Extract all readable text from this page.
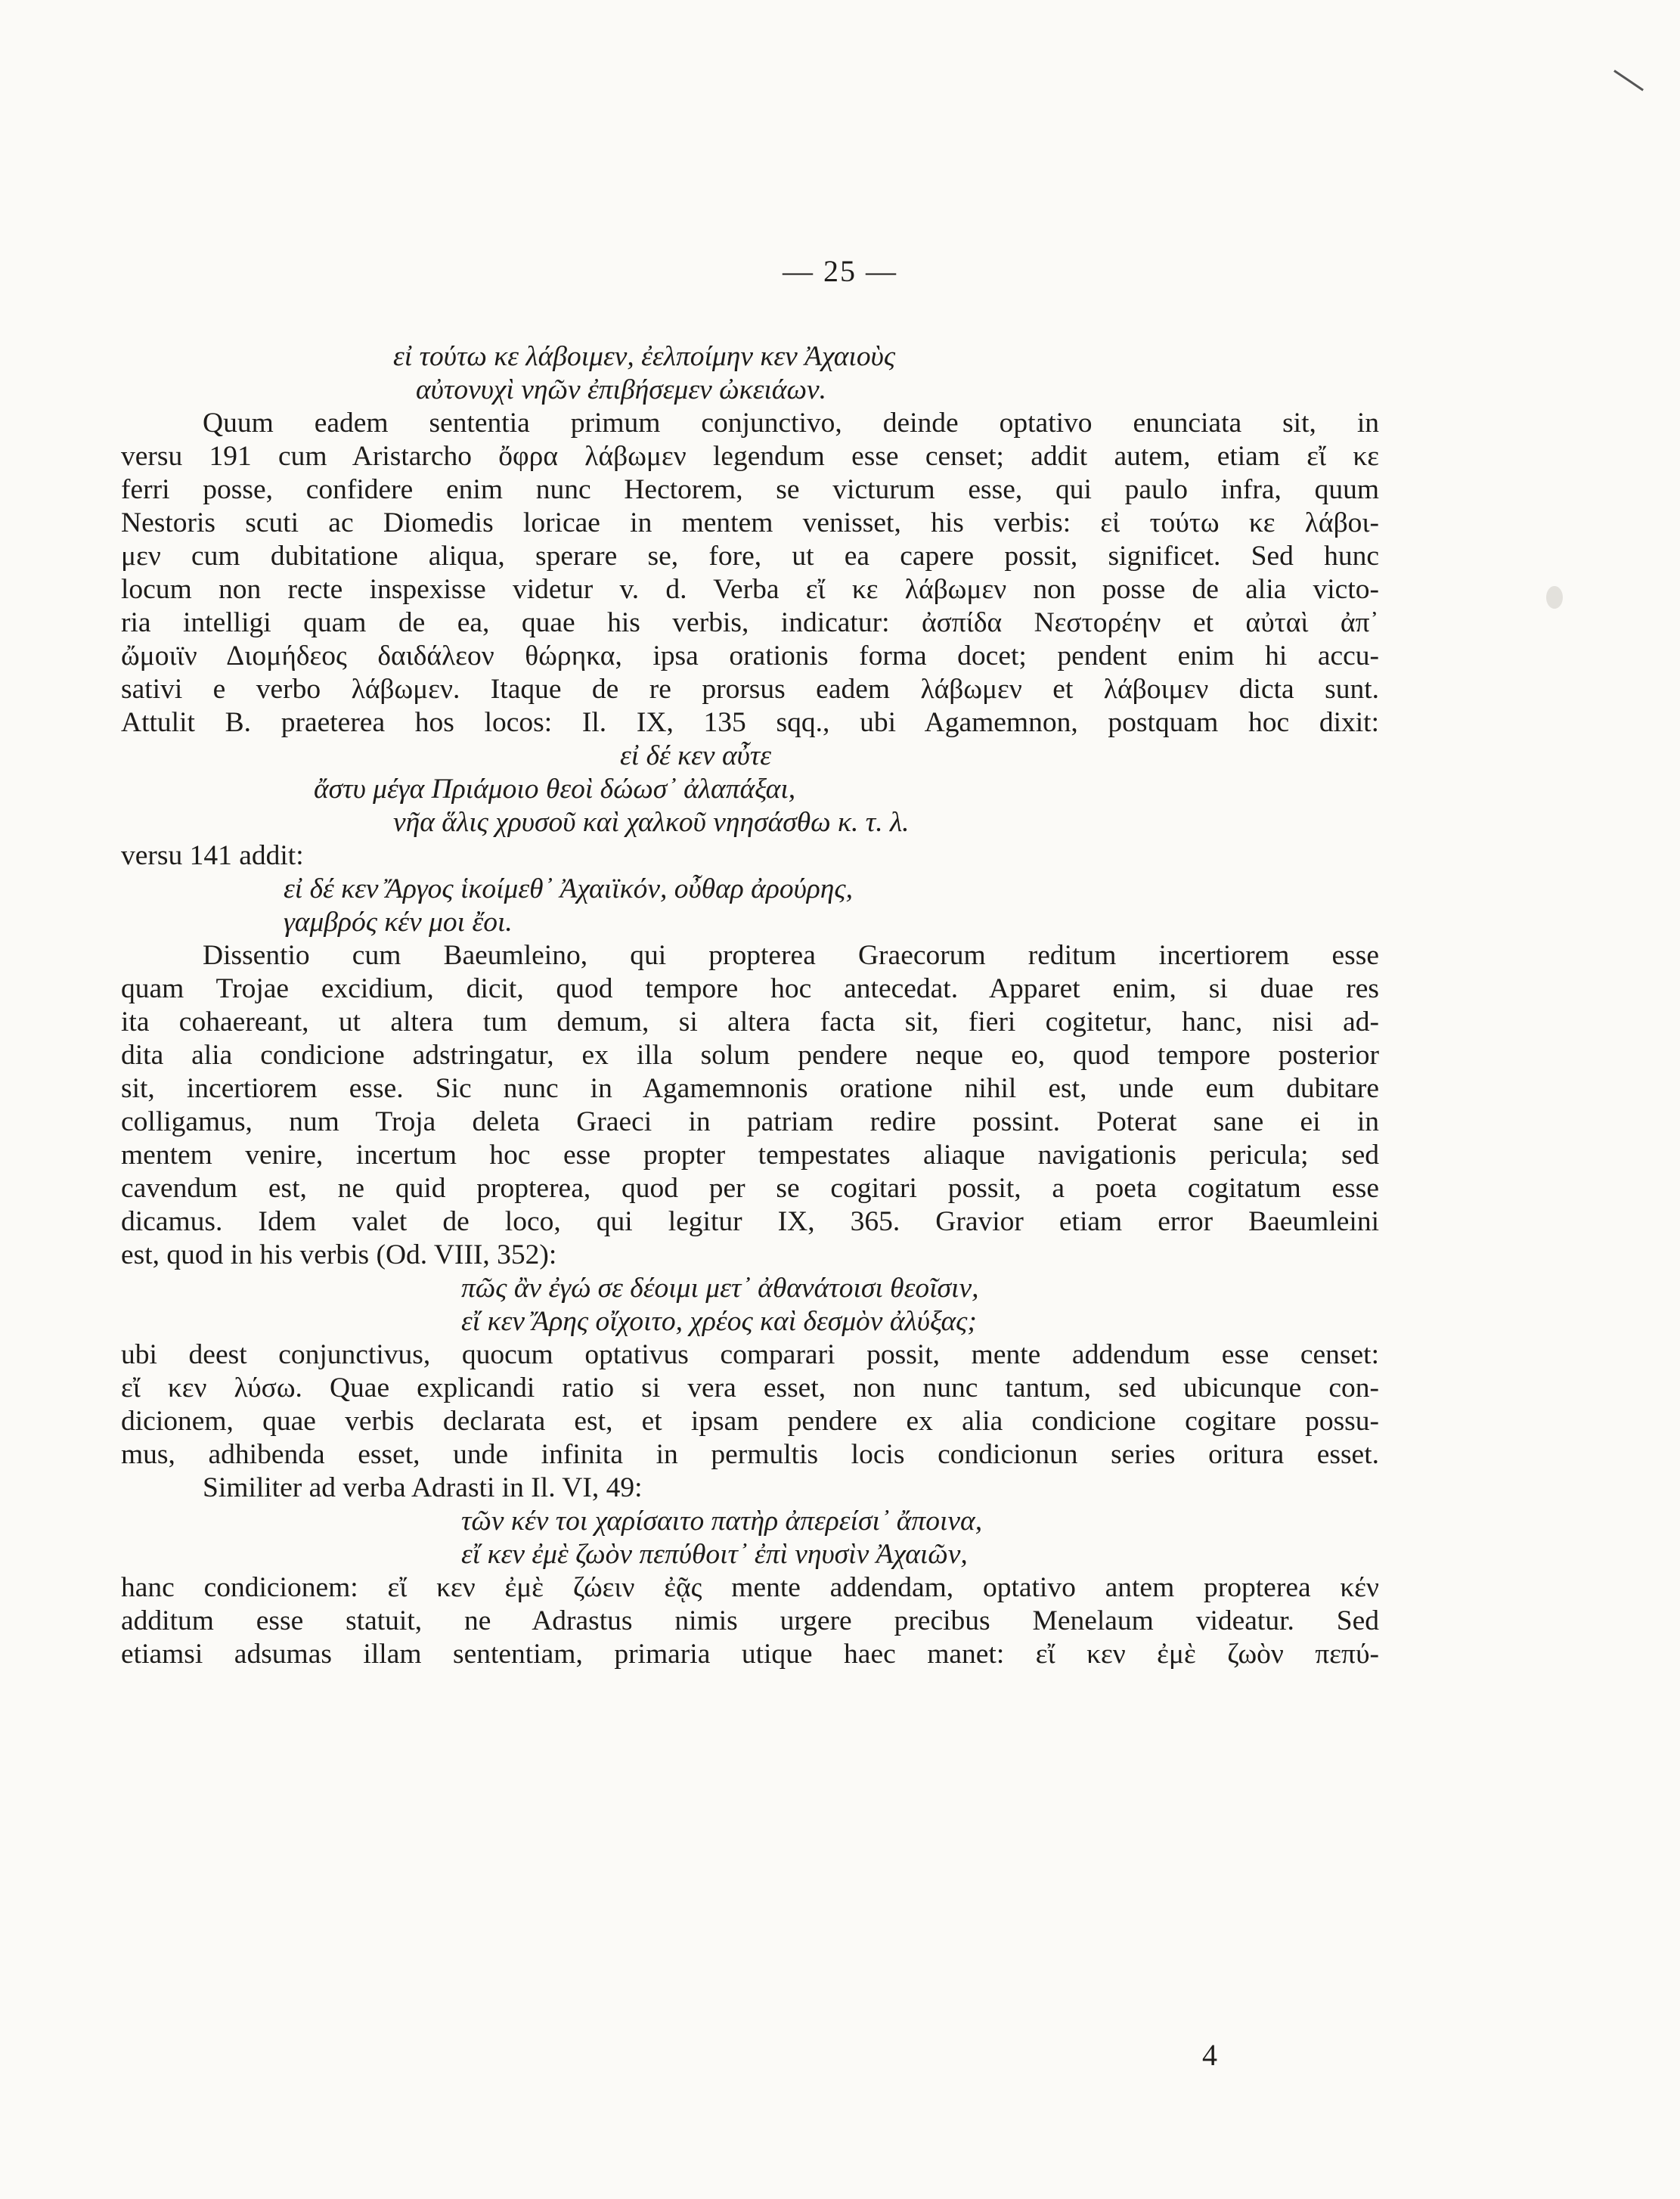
— 25 —
εἰ τούτω κε λάβοιμεν, ἐελποίμην κεν Ἀχαιοὺς
αὐτονυχὶ νηῶν ἐπιβήσεμεν ὠκειάων.
Quum eadem sententia primum conjunctivo, deinde optativo enunciata sit, in
versu 191 cum Aristarcho ὄφρα λάβωμεν legendum esse censet; addit autem, etiam εἴ κε
ferri posse, confidere enim nunc Hectorem, se victurum esse, qui paulo infra, quum
Nestoris scuti ac Diomedis loricae in mentem venisset, his verbis: εἰ τούτω κε λάβοι-
μεν cum dubitatione aliqua, sperare se, fore, ut ea capere possit, significet. Sed hunc
locum non recte inspexisse videtur v. d. Verba εἴ κε λάβωμεν non posse de alia victo-
ria intelligi quam de ea, quae his verbis, indicatur: ἀσπίδα Νεστορέην et αὐταὶ ἀπ᾽
ὤμοιϊν Διομήδεος δαιδάλεον θώρηκα, ipsa orationis forma docet; pendent enim hi accu-
sativi e verbo λάβωμεν. Itaque de re prorsus eadem λάβωμεν et λάβοιμεν dicta sunt.
Attulit B. praeterea hos locos: Il. IX, 135 sqq., ubi Agamemnon, postquam hoc dixit:
εἰ δέ κεν αὖτε
ἄστυ μέγα Πριάμοιο θεοὶ δώωσ᾽ ἀλαπάξαι,
νῆα ἅλις χρυσοῦ καὶ χαλκοῦ νηησάσθω κ. τ. λ.
versu 141 addit:
εἰ δέ κεν Ἄργος ἱκοίμεθ᾽ Ἀχαιϊκόν, οὖθαρ ἀρούρης,
γαμβρός κέν μοι ἔοι.
Dissentio cum Baeumleino, qui propterea Graecorum reditum incertiorem esse
quam Trojae excidium, dicit, quod tempore hoc antecedat. Apparet enim, si duae res
ita cohaereant, ut altera tum demum, si altera facta sit, fieri cogitetur, hanc, nisi ad-
dita alia condicione adstringatur, ex illa solum pendere neque eo, quod tempore posterior
sit, incertiorem esse. Sic nunc in Agamemnonis oratione nihil est, unde eum dubitare
colligamus, num Troja deleta Graeci in patriam redire possint. Poterat sane ei in
mentem venire, incertum hoc esse propter tempestates aliaque navigationis pericula; sed
cavendum est, ne quid propterea, quod per se cogitari possit, a poeta cogitatum esse
dicamus. Idem valet de loco, qui legitur IX, 365. Gravior etiam error Baeumleini
est, quod in his verbis (Od. VIII, 352):
πῶς ἂν ἐγώ σε δέοιμι μετ᾽ ἀθανάτοισι θεοῖσιν,
εἴ κεν Ἄρης οἴχοιτο, χρέος καὶ δεσμὸν ἀλύξας;
ubi deest conjunctivus, quocum optativus comparari possit, mente addendum esse censet:
εἴ κεν λύσω. Quae explicandi ratio si vera esset, non nunc tantum, sed ubicunque con-
dicionem, quae verbis declarata est, et ipsam pendere ex alia condicione cogitare possu-
mus, adhibenda esset, unde infinita in permultis locis condicionun series oritura esset.
Similiter ad verba Adrasti in Il. VI, 49:
τῶν κέν τοι χαρίσαιτο πατὴρ ἀπερείσι᾽ ἄποινα,
εἴ κεν ἐμὲ ζωὸν πεπύθοιτ᾽ ἐπὶ νηυσὶν Ἀχαιῶν,
hanc condicionem: εἴ κεν ἐμὲ ζώειν ἐᾷς mente addendam, optativo antem propterea κέν
additum esse statuit, ne Adrastus nimis urgere precibus Menelaum videatur. Sed
etiamsi adsumas illam sententiam, primaria utique haec manet: εἴ κεν ἐμὲ ζωὸν πεπύ-
4
